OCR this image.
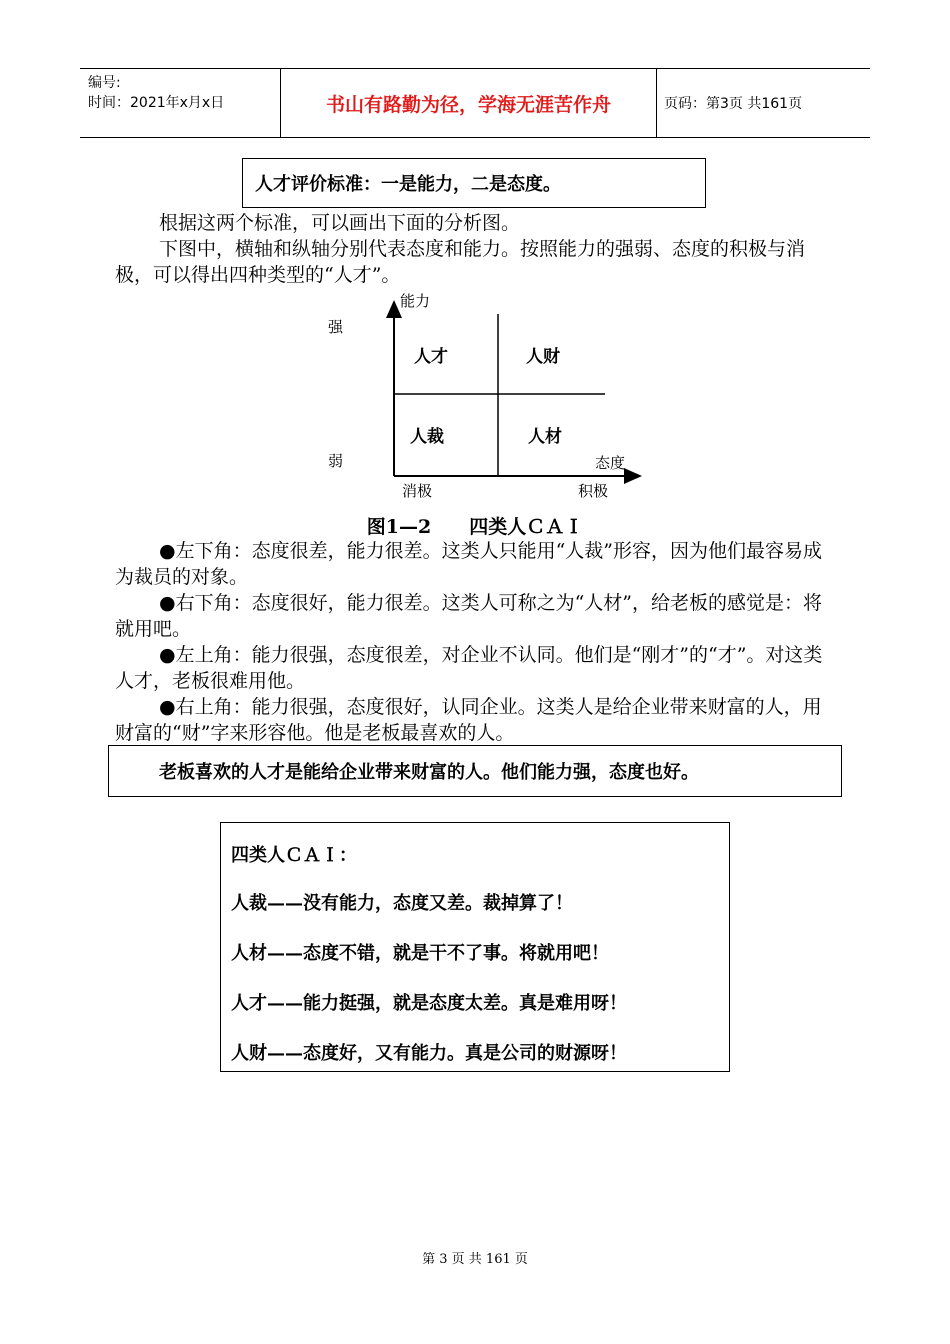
编号:
时间：2021年x月x日	书山有路勤为径，学海无涯苦作舟	页码：第3页 共161页
人才评价标准：一是能力，二是态度。
根据这两个标准，可以画出下面的分析图。
下图中，横轴和纵轴分别代表态度和能力。按照能力的强弱、态度的积极与消极，可以得出四种类型的“人才”。
能力
强
弱	态度
消极	积极
人才	人财
人裁	人材
图1—2　　四类人ＣＡＩ
●左下角：态度很差，能力很差。这类人只能用“人裁”形容，因为他们最容易成为裁员的对象。
●右下角：态度很好，能力很差。这类人可称之为“人材”，给老板的感觉是：将就用吧。
●左上角：能力很强，态度很差，对企业不认同。他们是“刚才”的“才”。对这类人才，老板很难用他。
●右上角：能力很强，态度很好，认同企业。这类人是给企业带来财富的人，用财富的“财”字来形容他。他是老板最喜欢的人。
老板喜欢的人才是能给企业带来财富的人。他们能力强，态度也好。
四类人ＣＡＩ：
人裁——没有能力，态度又差。裁掉算了！
人材——态度不错，就是干不了事。将就用吧！
人才——能力挺强，就是态度太差。真是难用呀！
人财——态度好，又有能力。真是公司的财源呀！
第 3 页 共 161 页
